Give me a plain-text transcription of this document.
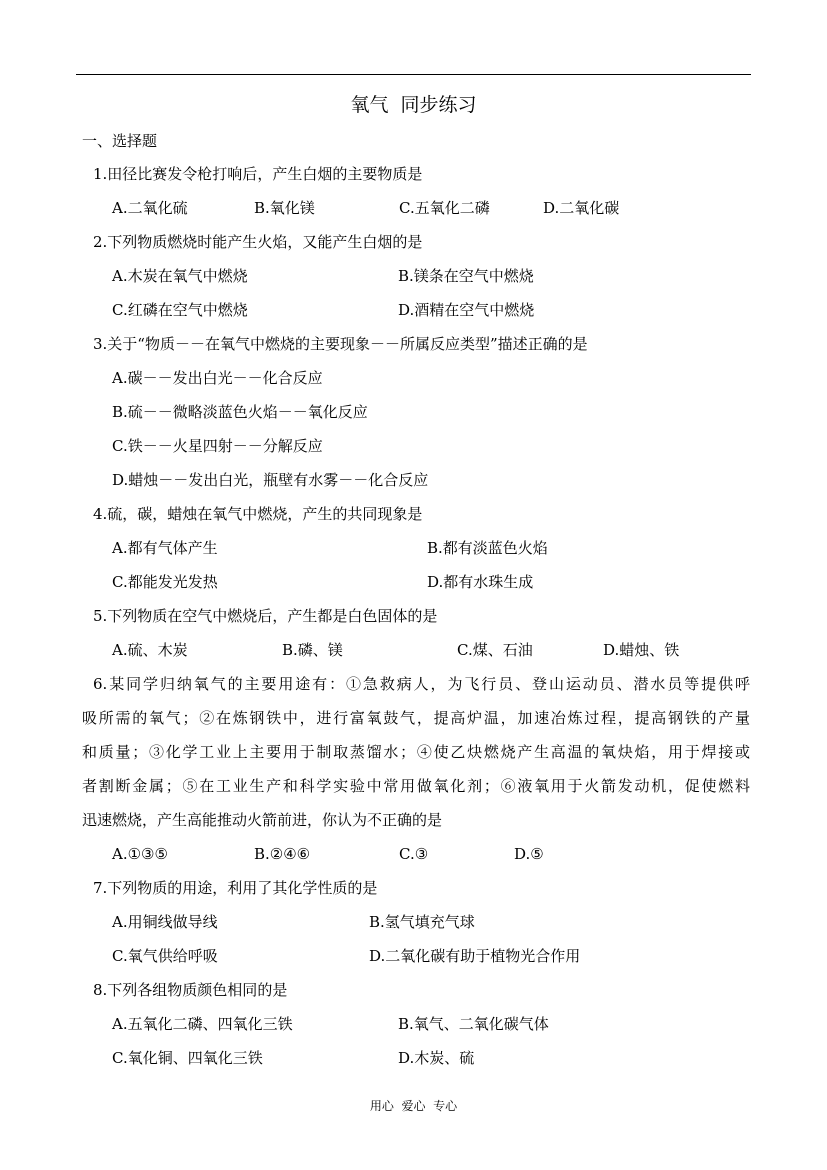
氧气  同步练习
一、选择题
1.田径比赛发令枪打响后，产生白烟的主要物质是
A.二氧化硫	B.氧化镁	C.五氧化二磷	D.二氧化碳
2.下列物质燃烧时能产生火焰，又能产生白烟的是
A.木炭在氧气中燃烧	B.镁条在空气中燃烧
C.红磷在空气中燃烧	D.酒精在空气中燃烧
3.关于“物质－－在氧气中燃烧的主要现象－－所属反应类型”描述正确的是
A.碳－－发出白光－－化合反应
B.硫－－微略淡蓝色火焰－－氧化反应
C.铁－－火星四射－－分解反应
D.蜡烛－－发出白光，瓶壁有水雾－－化合反应
4.硫，碳，蜡烛在氧气中燃烧，产生的共同现象是
A.都有气体产生	B.都有淡蓝色火焰
C.都能发光发热	D.都有水珠生成
5.下列物质在空气中燃烧后，产生都是白色固体的是
A.硫、木炭	B.磷、镁	C.煤、石油	D.蜡烛、铁
6.某同学归纳氧气的主要用途有：①急救病人，为飞行员、登山运动员、潜水员等提供呼
吸所需的氧气；②在炼钢铁中，进行富氧鼓气，提高炉温，加速冶炼过程，提高钢铁的产量
和质量；③化学工业上主要用于制取蒸馏水；④使乙炔燃烧产生高温的氧炔焰，用于焊接或
者割断金属；⑤在工业生产和科学实验中常用做氧化剂；⑥液氧用于火箭发动机，促使燃料
迅速燃烧，产生高能推动火箭前进，你认为不正确的是
A.①③⑤	B.②④⑥	C.③	D.⑤
7.下列物质的用途，利用了其化学性质的是
A.用铜线做导线	B.氢气填充气球
C.氧气供给呼吸	D.二氧化碳有助于植物光合作用
8.下列各组物质颜色相同的是
A.五氧化二磷、四氧化三铁	B.氧气、二氧化碳气体
C.氧化铜、四氧化三铁	D.木炭、硫
用心  爱心  专心
